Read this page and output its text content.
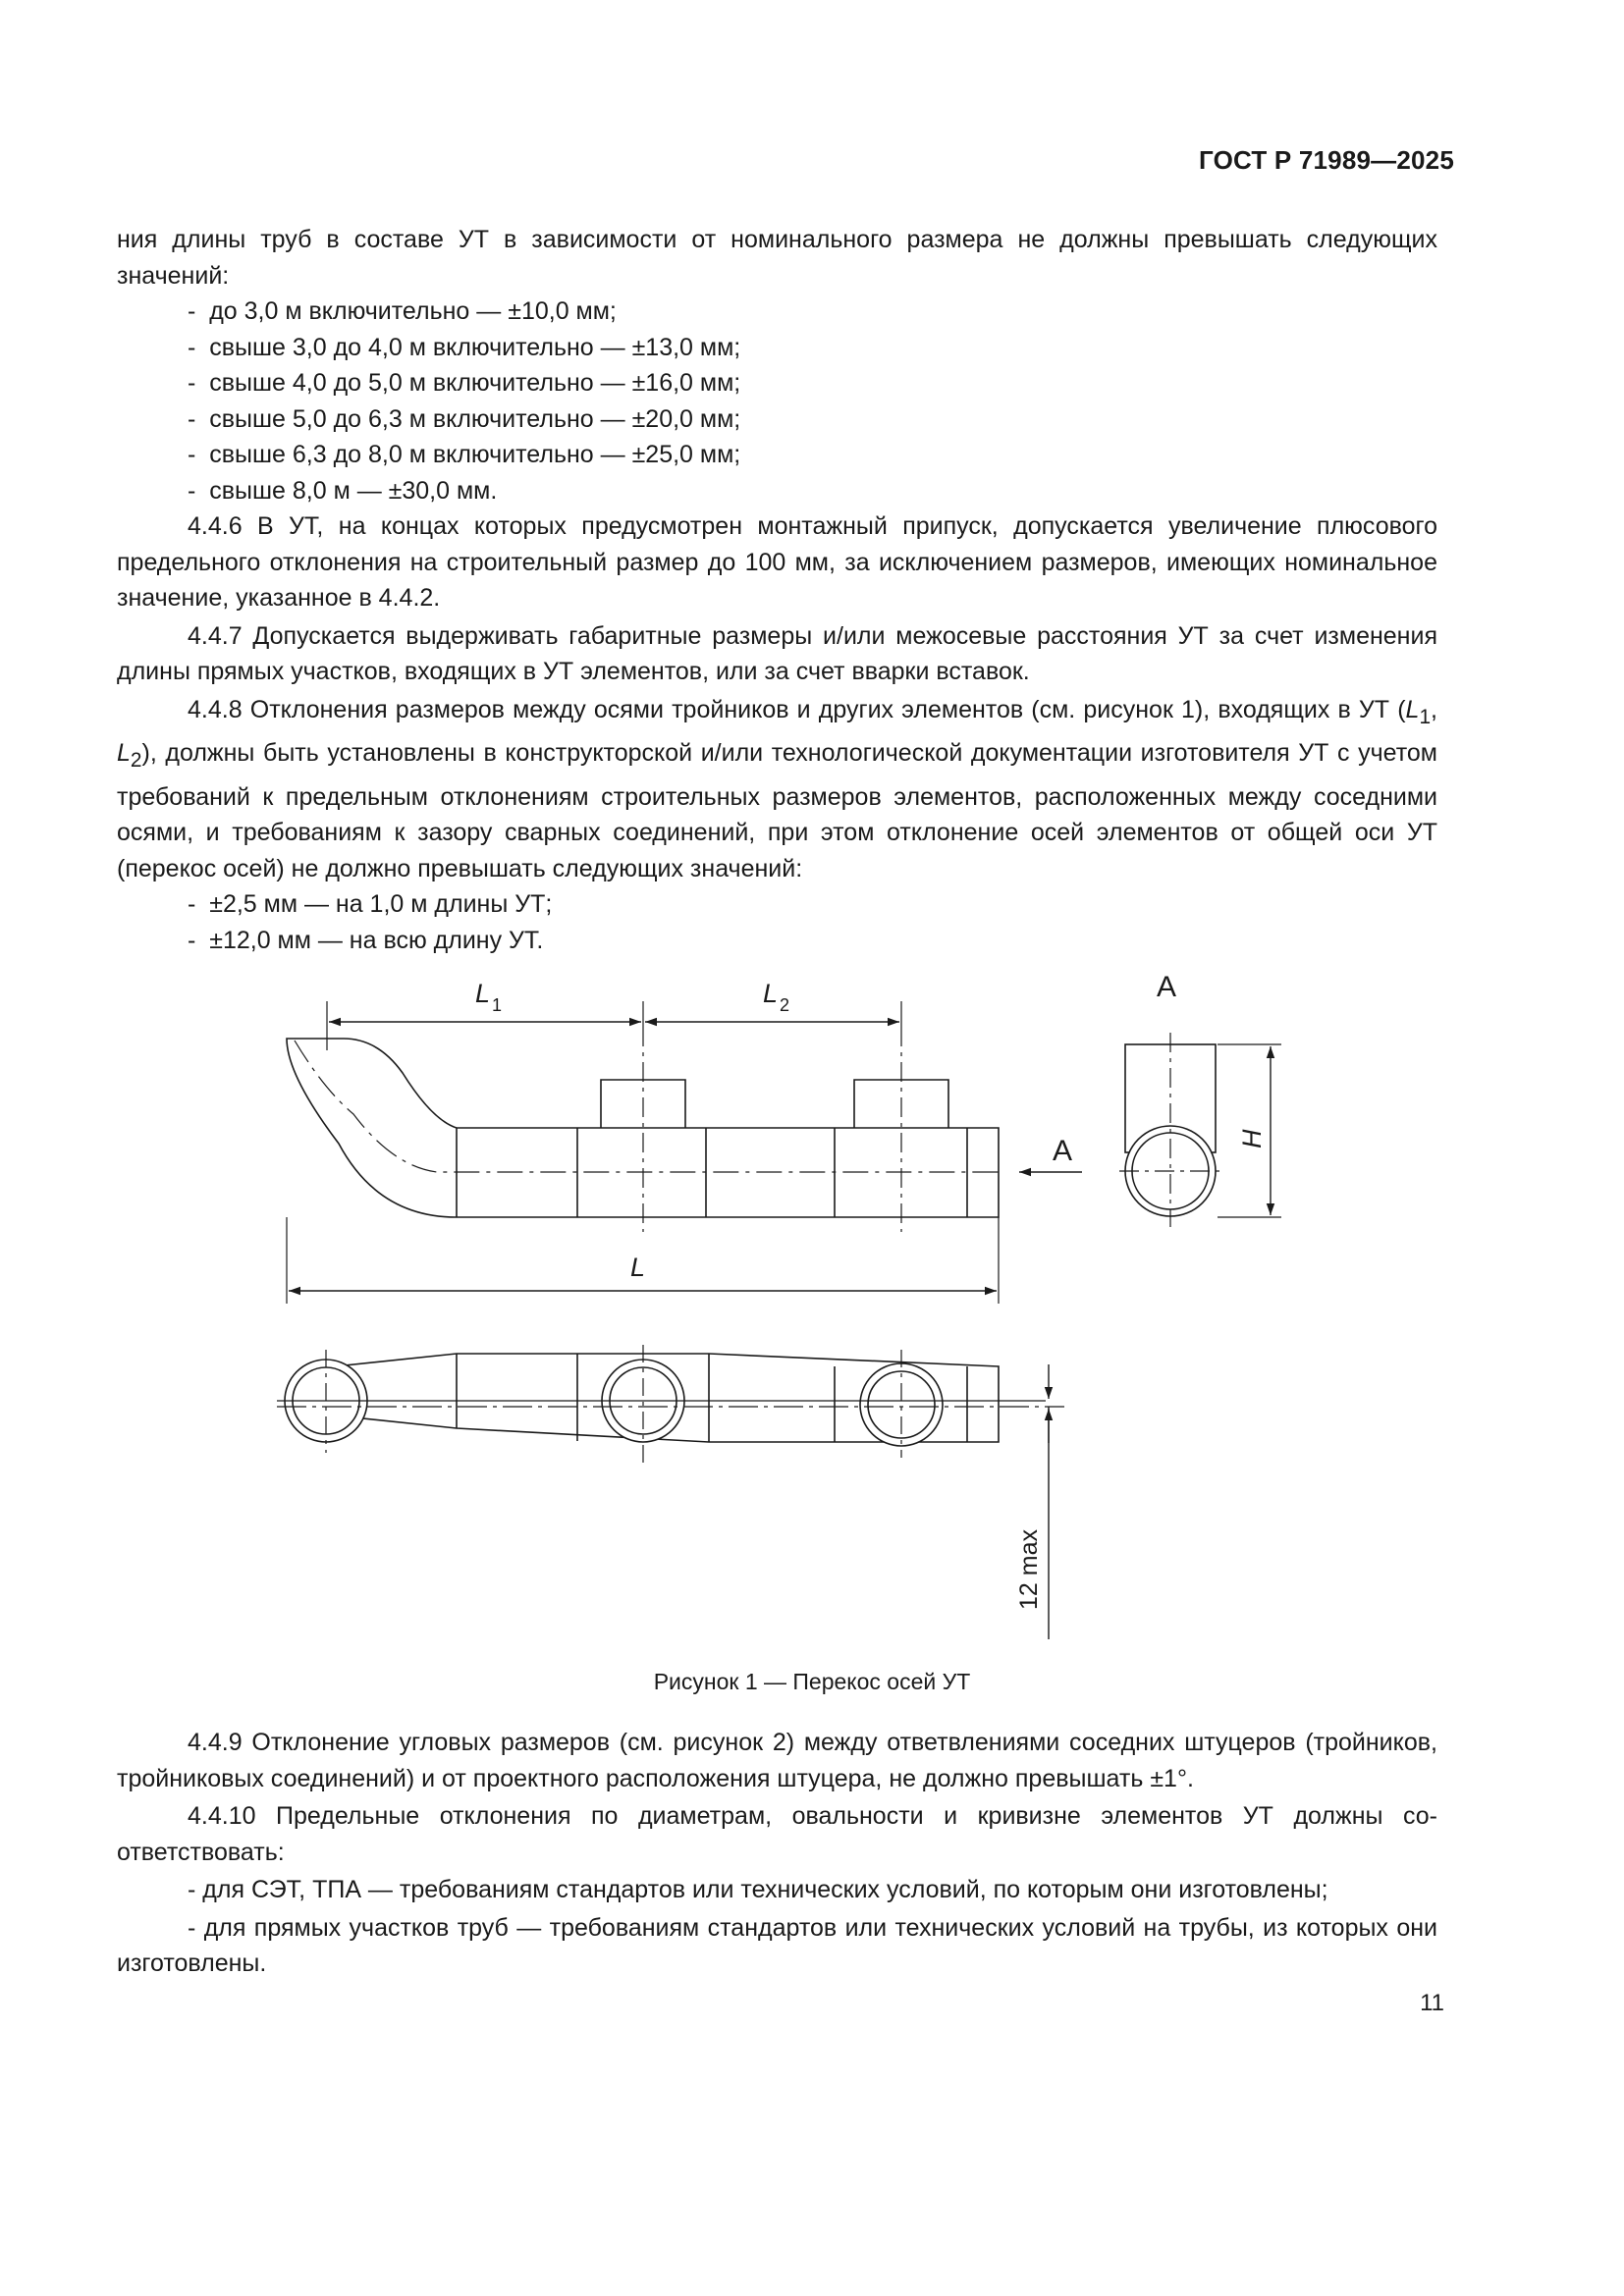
ГОСТ Р 71989—2025

ния длины труб в составе УТ в зависимости от номинального размера не должны превышать следующих значений:

-  до 3,0 м включительно — ±10,0 мм;

-  свыше 3,0 до 4,0 м включительно — ±13,0 мм;

-  свыше 4,0 до 5,0 м включительно — ±16,0 мм;

-  свыше 5,0 до 6,3 м включительно — ±20,0 мм;

-  свыше 6,3 до 8,0 м включительно — ±25,0 мм;

-  свыше 8,0 м — ±30,0 мм.

4.4.6 В УТ, на концах которых предусмотрен монтажный припуск, допускается увеличение плюсового предельного отклонения на строительный размер до 100 мм, за исключением размеров, имеющих номинальное значение, указанное в 4.4.2.

4.4.7 Допускается выдерживать габаритные размеры и/или межосевые расстояния УТ за счет изменения длины прямых участков, входящих в УТ элементов, или за счет вварки вставок.

4.4.8 Отклонения размеров между осями тройников и других элементов (см. рисунок 1), входящих в УТ ($L_1$, $L_2$), должны быть установлены в конструкторской и/или технологической документации изготовителя УТ с учетом требований к предельным отклонениям строительных размеров элементов, расположенных между соседними осями, и требованиям к зазору сварных соединений, при этом отклонение осей элементов от общей оси УТ (перекос осей) не должно превышать следующих значений:

-  ±2,5 мм — на 1,0 м длины УТ;

-  ±12,0 мм — на всю длину УТ.

L 1	L 2
L
A
A	H
12 max
Рисунок 1 — Перекос осей УТ

4.4.9 Отклонение угловых размеров (см. рисунок 2) между ответвлениями соседних штуцеров (тройников, тройниковых соединений) и от проектного расположения штуцера, не должно превышать ±1°.

4.4.10 Предельные отклонения по диаметрам, овальности и кривизне элементов УТ должны соответствовать:

- для СЭТ, ТПА — требованиям стандартов или технических условий, по которым они изготовлены;

- для прямых участков труб — требованиям стандартов или технических условий на трубы, из которых они изготовлены.

11
